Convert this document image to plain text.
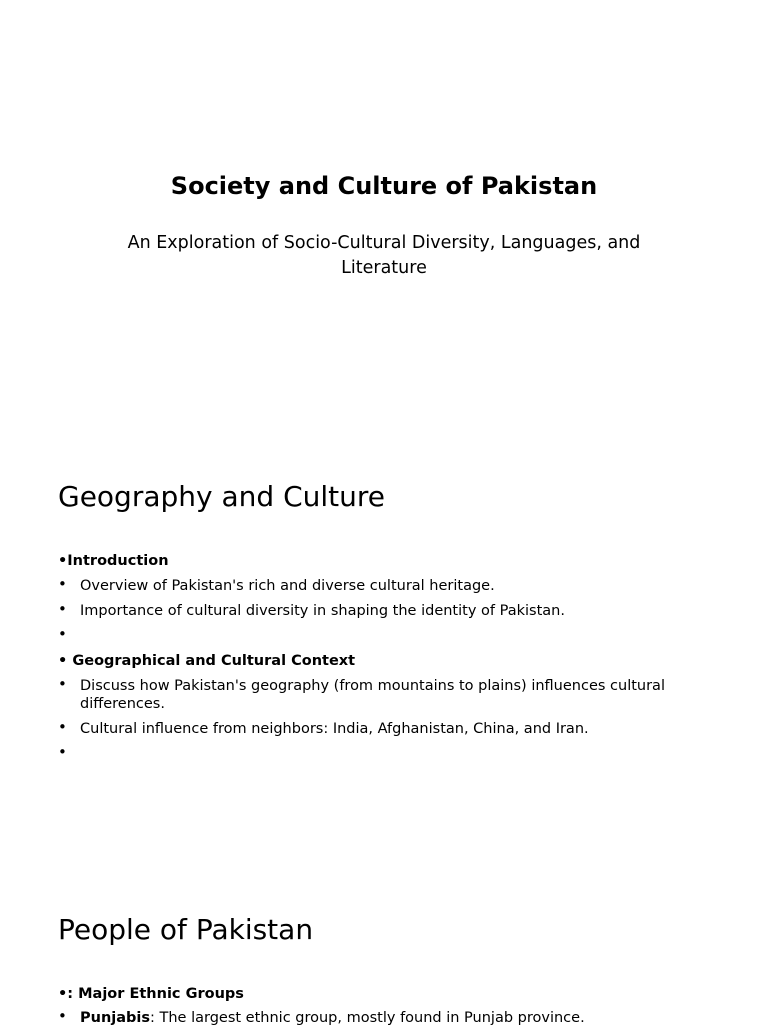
Society and Culture of Pakistan
An Exploration of Socio-Cultural Diversity, Languages, and Literature
Geography and Culture
•Introduction
• Overview of Pakistan's rich and diverse cultural heritage.
• Importance of cultural diversity in shaping the identity of Pakistan.
•
• Geographical and Cultural Context
• Discuss how Pakistan's geography (from mountains to plains) influences cultural differences.
• Cultural influence from neighbors: India, Afghanistan, China, and Iran.
•
People of Pakistan
•: Major Ethnic Groups
• Punjabis: The largest ethnic group, mostly found in Punjab province.
